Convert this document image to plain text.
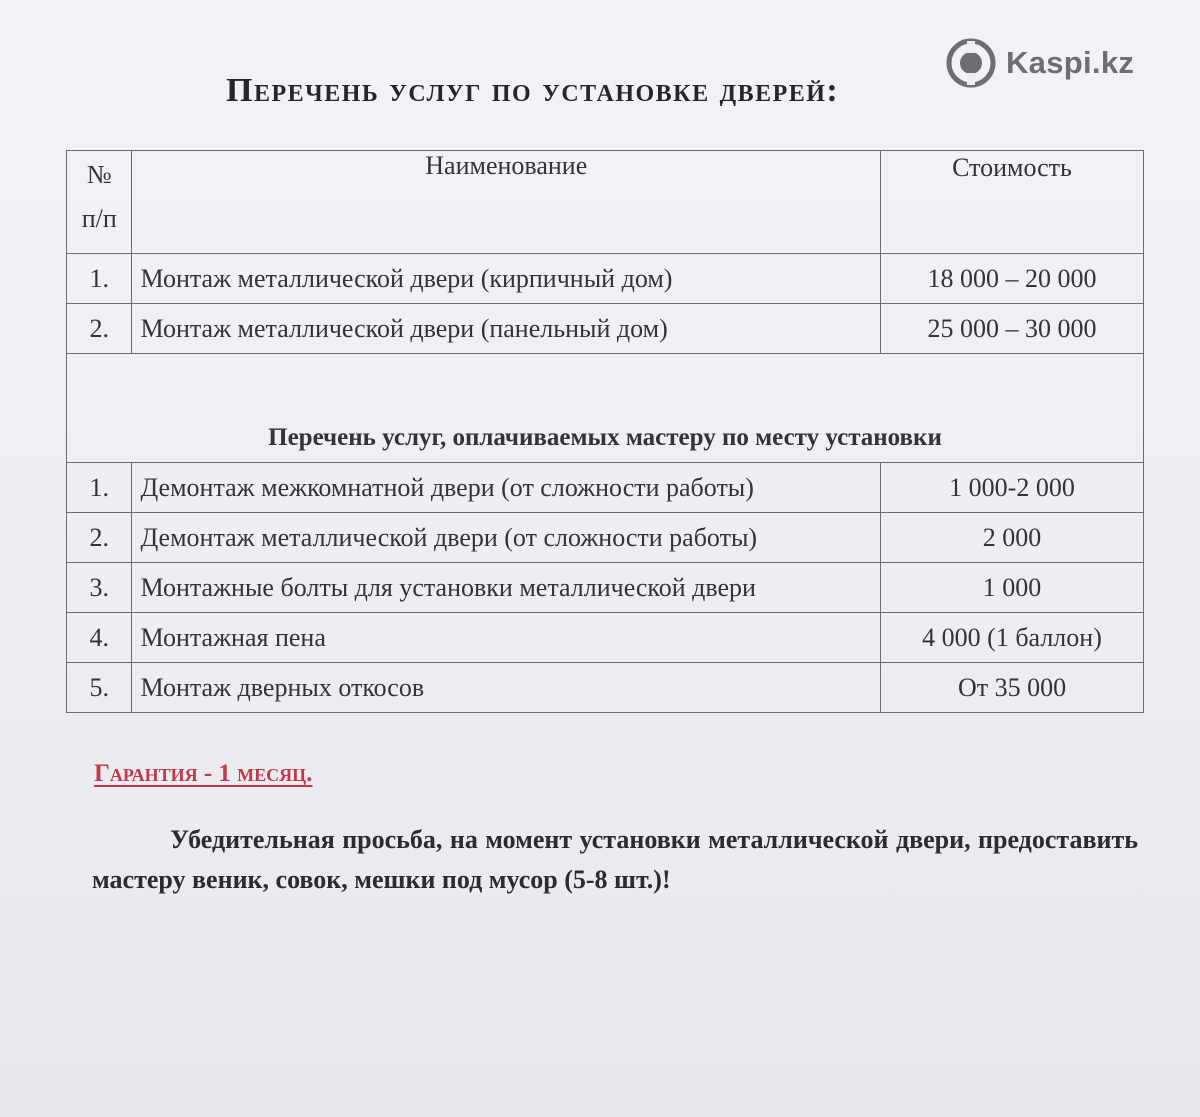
Kaspi.kz
Перечень услуг по установке дверей:
№
п/п	Наименование	Стоимость
1.	Монтаж металлической двери (кирпичный дом)	18 000 – 20 000
2.	Монтаж металлической двери (панельный дом)	25 000 – 30 000
Перечень услуг, оплачиваемых мастеру по месту установки		
1.	Демонтаж межкомнатной двери (от сложности работы)	1 000-2 000
2.	Демонтаж металлической двери (от сложности работы)	2 000
3.	Монтажные болты для установки металлической двери	1 000
4.	Монтажная пена	4 000 (1 баллон)
5.	Монтаж дверных откосов	От 35 000

Гарантия - 1 месяц.

Убедительная просьба, на момент установки металлической двери, предоставить мастеру веник, совок, мешки под мусор (5-8 шт.)!
